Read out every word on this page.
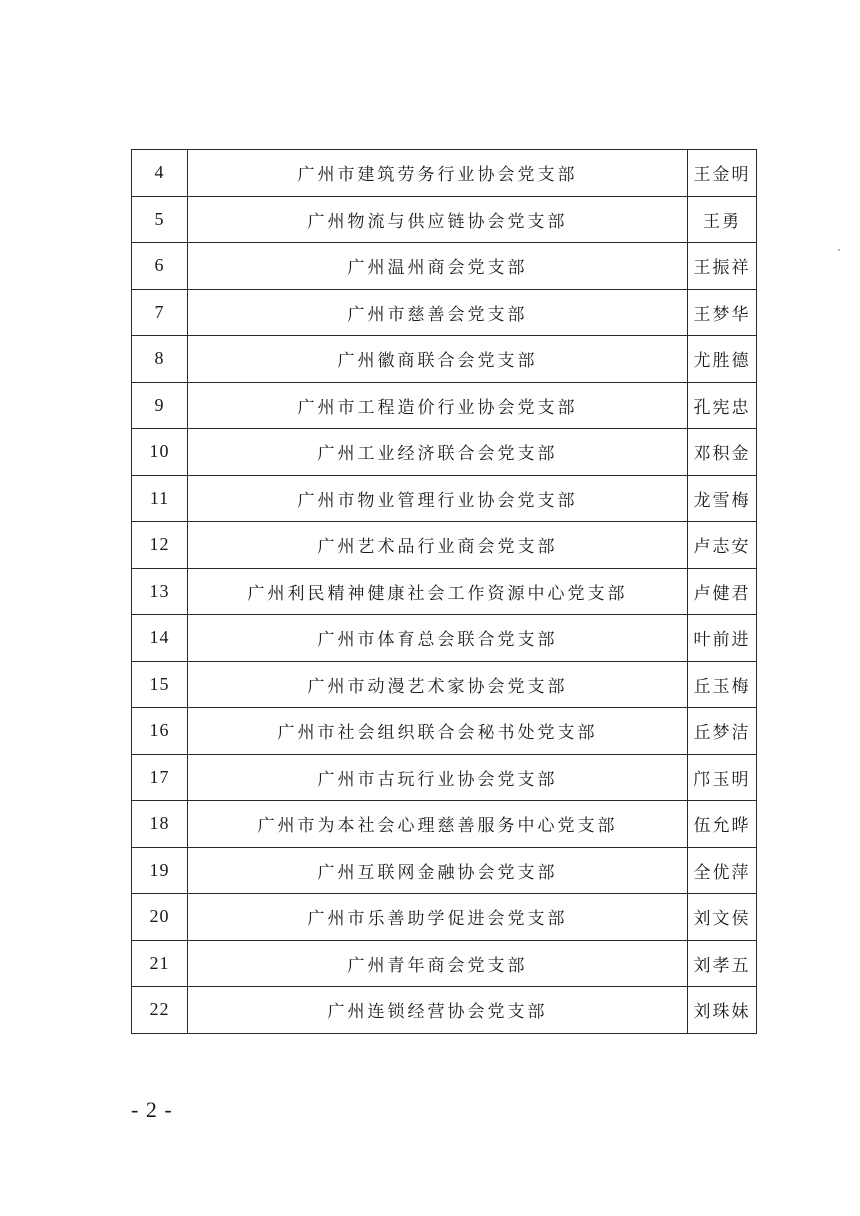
4	广州市建筑劳务行业协会党支部	王金明
5	广州物流与供应链协会党支部	王勇
6	广州温州商会党支部	王振祥
7	广州市慈善会党支部	王梦华
8	广州徽商联合会党支部	尤胜德
9	广州市工程造价行业协会党支部	孔宪忠
10	广州工业经济联合会党支部	邓积金
11	广州市物业管理行业协会党支部	龙雪梅
12	广州艺术品行业商会党支部	卢志安
13	广州利民精神健康社会工作资源中心党支部	卢健君
14	广州市体育总会联合党支部	叶前进
15	广州市动漫艺术家协会党支部	丘玉梅
16	广州市社会组织联合会秘书处党支部	丘梦洁
17	广州市古玩行业协会党支部	邝玉明
18	广州市为本社会心理慈善服务中心党支部	伍允晔
19	广州互联网金融协会党支部	全优萍
20	广州市乐善助学促进会党支部	刘文侯
21	广州青年商会党支部	刘孝五
22	广州连锁经营协会党支部	刘珠妹
- 2 -
